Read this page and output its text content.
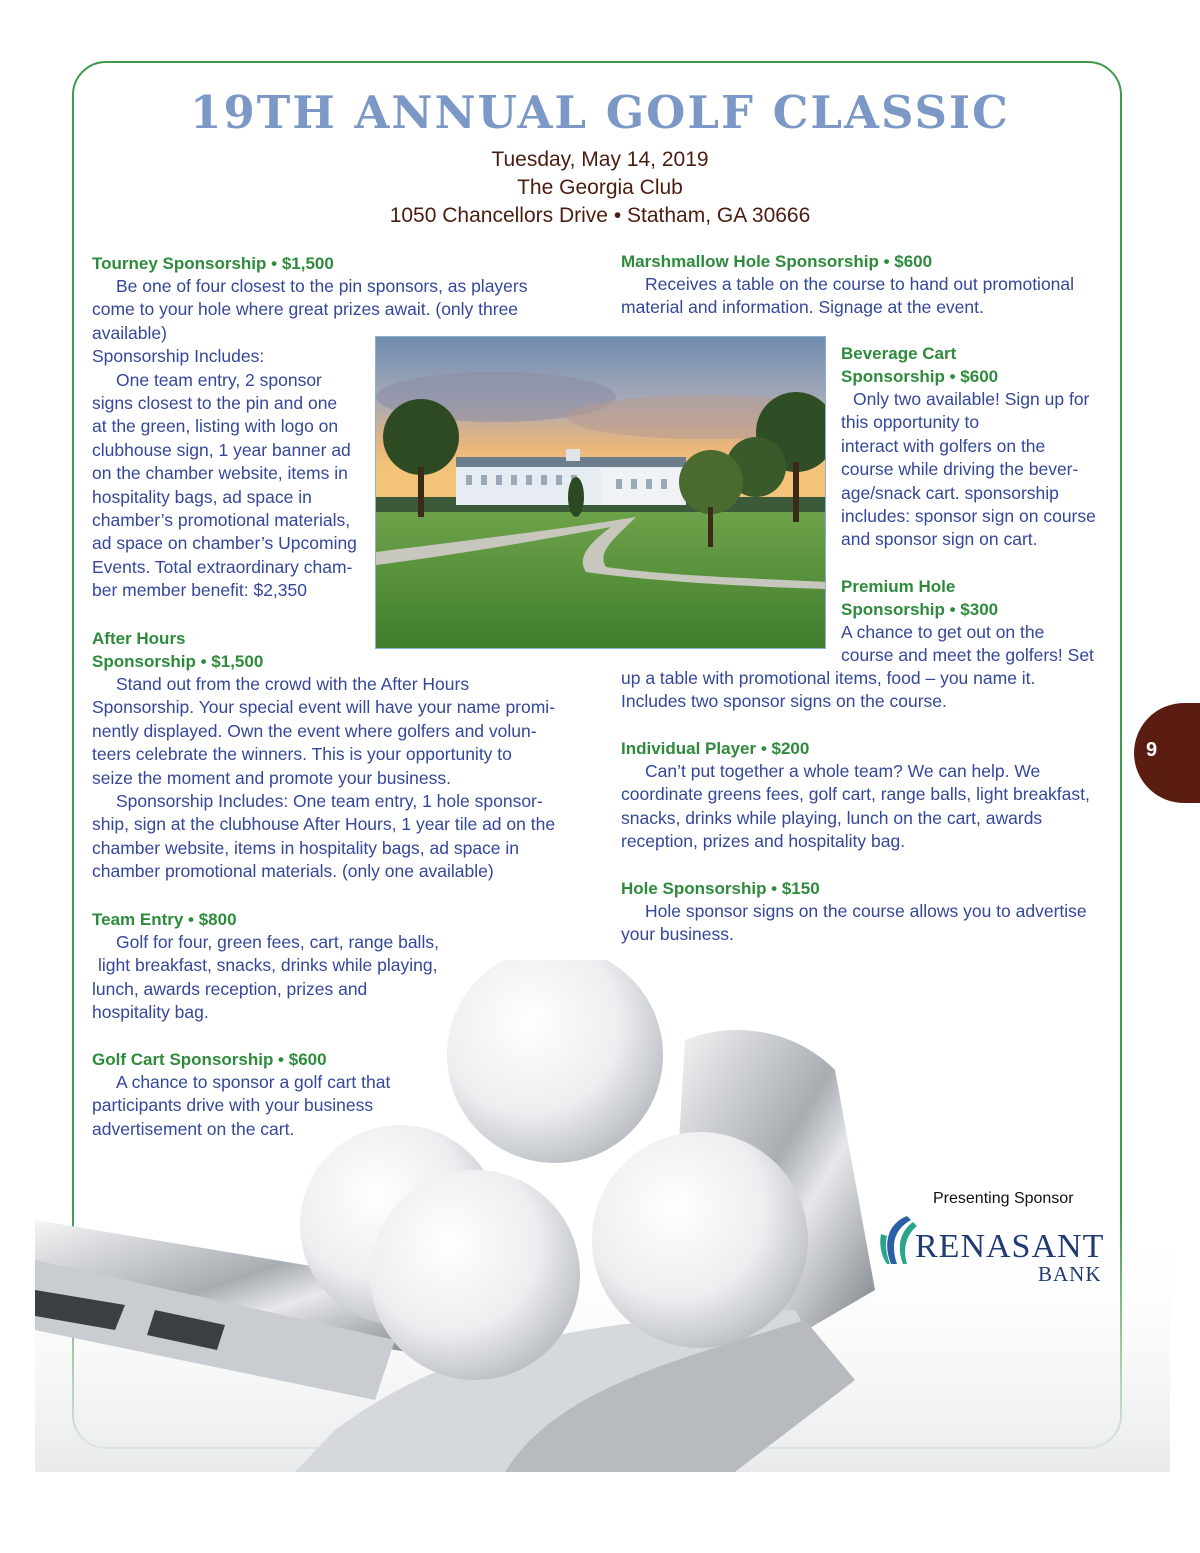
19TH ANNUAL GOLF CLASSIC
Tuesday, May 14, 2019
The Georgia Club
1050 Chancellors Drive • Statham, GA 30666
Tourney Sponsorship • $1,500
Be one of four closest to the pin sponsors, as players
come to your hole where great prizes await. (only three
available)
Sponsorship Includes:
One team entry, 2 sponsor
signs closest to the pin and one
at the green, listing with logo on
clubhouse sign, 1 year banner ad
on the chamber website, items in
hospitality bags, ad space in
chamber’s promotional materials,
ad space on chamber’s Upcoming
Events. Total extraordinary cham-
ber member benefit: $2,350
After Hours
Sponsorship • $1,500
Stand out from the crowd with the After Hours
Sponsorship. Your special event will have your name promi-
nently displayed. Own the event where golfers and volun-
teers celebrate the winners. This is your opportunity to
seize the moment and promote your business.
Sponsorship Includes: One team entry, 1 hole sponsor-
ship, sign at the clubhouse After Hours, 1 year tile ad on the
chamber website, items in hospitality bags, ad space in
chamber promotional materials. (only one available)
Team Entry • $800
Golf for four, green fees, cart, range balls,
light breakfast, snacks, drinks while playing,
lunch, awards reception, prizes and
hospitality bag.
Golf Cart Sponsorship • $600
A chance to sponsor a golf cart that
participants drive with your business
advertisement on the cart.
Marshmallow Hole Sponsorship • $600
Receives a table on the course to hand out promotional
material and information. Signage at the event.
Beverage Cart
Sponsorship • $600
Only two available! Sign up for
this opportunity to
interact with golfers on the
course while driving the bever-
age/snack cart. sponsorship
includes: sponsor sign on course
and sponsor sign on cart.
Premium Hole
Sponsorship • $300
A chance to get out on the
course and meet the golfers! Set
up a table with promotional items, food – you name it.
Includes two sponsor signs on the course.
Individual Player • $200
Can’t put together a whole team? We can help. We
coordinate greens fees, golf cart, range balls, light breakfast,
snacks, drinks while playing, lunch on the cart, awards
reception, prizes and hospitality bag.
Hole Sponsorship • $150
Hole sponsor signs on the course allows you to advertise
your business.
9
Presenting Sponsor
RENASANT
BANK
